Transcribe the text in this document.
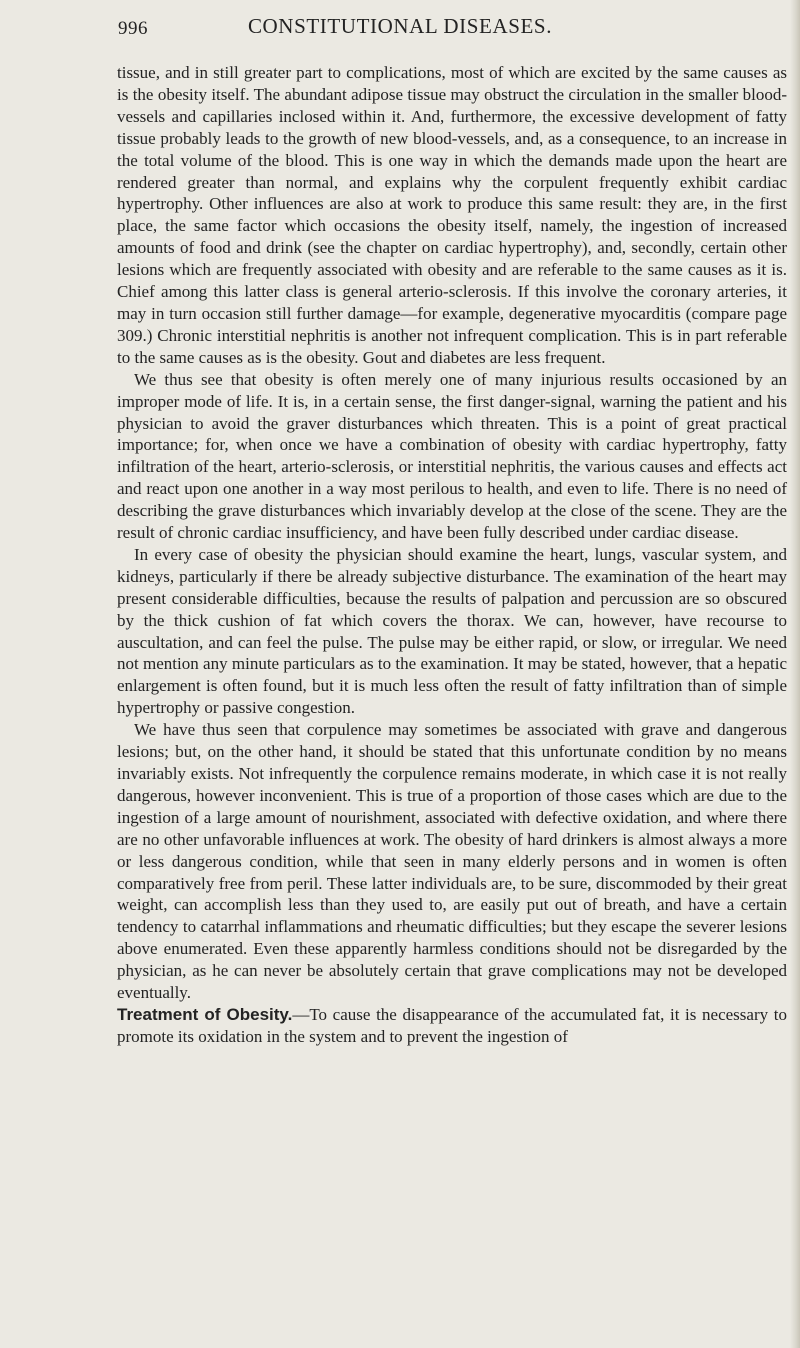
996	CONSTITUTIONAL DISEASES.

tissue, and in still greater part to complications, most of which are excited by the same causes as is the obesity itself. The abundant adipose tissue may obstruct the circulation in the smaller blood-vessels and capillaries inclosed within it. And, furthermore, the excessive development of fatty tissue probably leads to the growth of new blood-vessels, and, as a consequence, to an increase in the total volume of the blood. This is one way in which the demands made upon the heart are rendered greater than normal, and explains why the corpulent frequently exhibit cardiac hypertrophy. Other influences are also at work to produce this same result: they are, in the first place, the same factor which occasions the obesity itself, namely, the ingestion of increased amounts of food and drink (see the chapter on cardiac hypertrophy), and, secondly, certain other lesions which are frequently associated with obesity and are referable to the same causes as it is. Chief among this latter class is general arterio-sclerosis. If this involve the coronary arteries, it may in turn occasion still further damage—for example, degenerative myocarditis (compare page 309.) Chronic interstitial nephritis is another not infrequent complication. This is in part referable to the same causes as is the obesity. Gout and diabetes are less frequent.

We thus see that obesity is often merely one of many injurious results occasioned by an improper mode of life. It is, in a certain sense, the first danger-signal, warning the patient and his physician to avoid the graver disturbances which threaten. This is a point of great practical importance; for, when once we have a combination of obesity with cardiac hypertrophy, fatty infiltration of the heart, arterio-sclerosis, or interstitial nephritis, the various causes and effects act and react upon one another in a way most perilous to health, and even to life. There is no need of describing the grave disturbances which invariably develop at the close of the scene. They are the result of chronic cardiac insufficiency, and have been fully described under cardiac disease.

In every case of obesity the physician should examine the heart, lungs, vascular system, and kidneys, particularly if there be already subjective disturbance. The examination of the heart may present considerable difficulties, because the results of palpation and percussion are so obscured by the thick cushion of fat which covers the thorax. We can, however, have recourse to auscultation, and can feel the pulse. The pulse may be either rapid, or slow, or irregular. We need not mention any minute particulars as to the examination. It may be stated, however, that a hepatic enlargement is often found, but it is much less often the result of fatty infiltration than of simple hypertrophy or passive congestion.

We have thus seen that corpulence may sometimes be associated with grave and dangerous lesions; but, on the other hand, it should be stated that this unfortunate condition by no means invariably exists. Not infrequently the corpulence remains moderate, in which case it is not really dangerous, however inconvenient. This is true of a proportion of those cases which are due to the ingestion of a large amount of nourishment, associated with defective oxidation, and where there are no other unfavorable influences at work. The obesity of hard drinkers is almost always a more or less dangerous condition, while that seen in many elderly persons and in women is often comparatively free from peril. These latter individuals are, to be sure, discommoded by their great weight, can accomplish less than they used to, are easily put out of breath, and have a certain tendency to catarrhal inflammations and rheumatic difficulties; but they escape the severer lesions above enumerated. Even these apparently harmless conditions should not be disregarded by the physician, as he can never be absolutely certain that grave complications may not be developed eventually.

Treatment of Obesity.—To cause the disappearance of the accumulated fat, it is necessary to promote its oxidation in the system and to prevent the ingestion of
